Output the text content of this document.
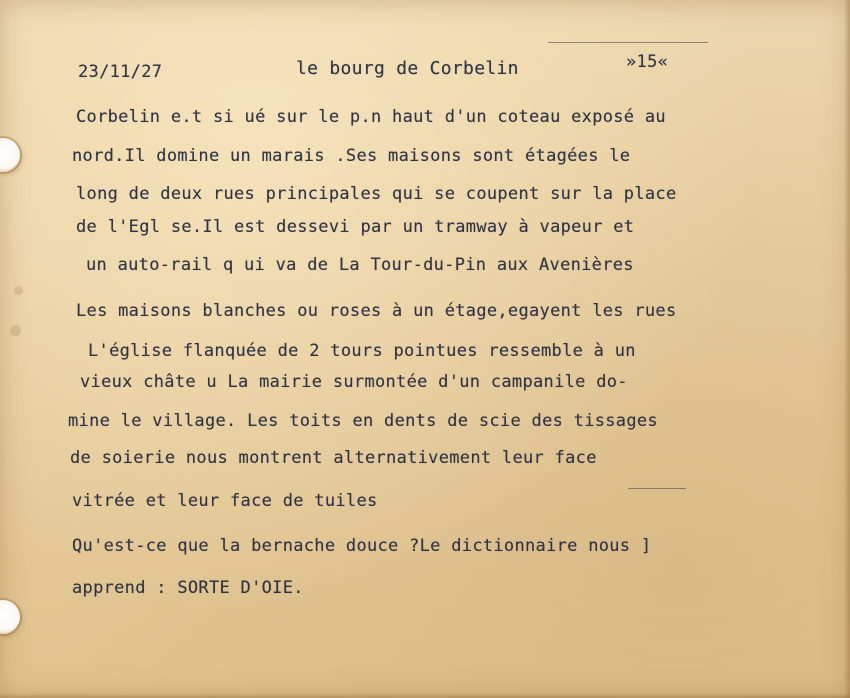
23/11/27	le bourg de Corbelin	»15«

Corbelin e.t si ué sur le p.n haut d'un coteau exposé au

nord.Il domine un marais .Ses maisons sont étagées le

long de deux rues principales qui se coupent sur la place

de l'Egl se.Il est dessevi par un tramway à vapeur et

un auto-rail q ui va de La Tour-du-Pin aux Avenières

Les maisons blanches ou roses à un étage,egayent les rues

L'église flanquée de 2 tours pointues ressemble à un

vieux châte u La mairie surmontée d'un campanile do-

mine le village. Les toits en dents de scie des tissages

de soierie nous montrent alternativement leur face

vitrée et leur face de tuiles

Qu'est-ce que la bernache douce ?Le dictionnaire nous ]

apprend : SORTE D'OIE.
